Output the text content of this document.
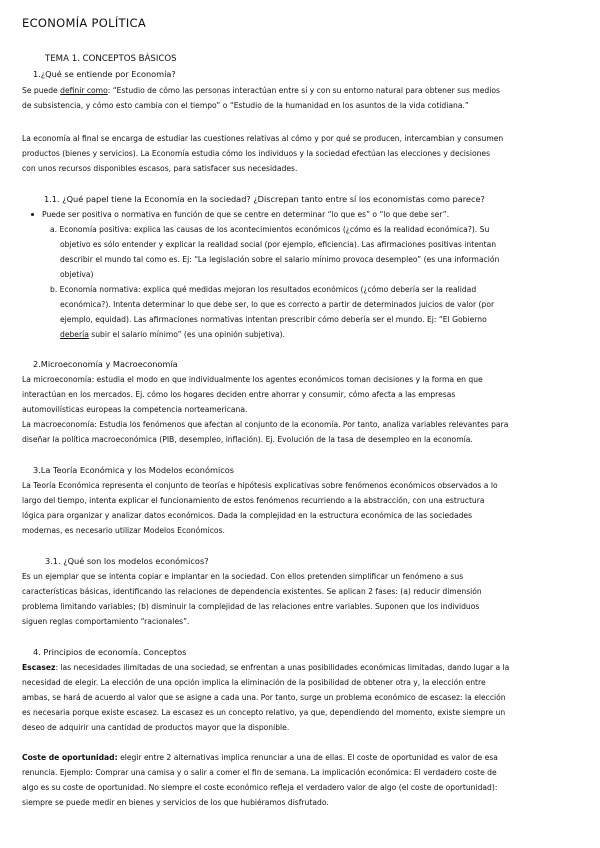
ECONOMÍA POLÍTICA
TEMA 1. CONCEPTOS BÁSICOS
1.¿Qué se entiende por Economía?
Se puede definir como: “Estudio de cómo las personas interactúan entre sí y con su entorno natural para obtener sus medios
de subsistencia, y cómo esto cambia con el tiempo” o “Estudio de la humanidad en los asuntos de la vida cotidiana.”
La economía al final se encarga de estudiar las cuestiones relativas al cómo y por qué se producen, intercambian y consumen
productos (bienes y servicios). La Economía estudia cómo los individuos y la sociedad efectúan las elecciones y decisiones
con unos recursos disponibles escasos, para satisfacer sus necesidades.
1.1. ¿Qué papel tiene la Economía en la sociedad? ¿Discrepan tanto entre sí los economistas como parece?
Puede ser positiva o normativa en función de que se centre en determinar “lo que es” o “lo que debe ser”.
a. Economía positiva: explica las causas de los acontecimientos económicos (¿cómo es la realidad económica?). Su
objetivo es sólo entender y explicar la realidad social (por ejemplo, eficiencia). Las afirmaciones positivas intentan
describir el mundo tal como es. Ej: “La legislación sobre el salario mínimo provoca desempleo” (es una información
objetiva)
b. Economía normativa: explica qué medidas mejoran los resultados económicos (¿cómo debería ser la realidad
económica?). Intenta determinar lo que debe ser, lo que es correcto a partir de determinados juicios de valor (por
ejemplo, equidad). Las afirmaciones normativas intentan prescribir cómo debería ser el mundo. Ej: “El Gobierno
debería subir el salario mínimo” (es una opinión subjetiva).
2.Microeconomía y Macroeconomía
La microeconomía: estudia el modo en que individualmente los agentes económicos toman decisiones y la forma en que
interactúan en los mercados. Ej. cómo los hogares deciden entre ahorrar y consumir, cómo afecta a las empresas
automovilísticas europeas la competencia norteamericana.
La macroeconomía: Estudia los fenómenos que afectan al conjunto de la economía. Por tanto, analiza variables relevantes para
diseñar la política macroeconómica (PIB, desempleo, inflación). Ej. Evolución de la tasa de desempleo en la economía.
3.La Teoría Económica y los Modelos económicos
La Teoría Económica representa el conjunto de teorías e hipótesis explicativas sobre fenómenos económicos observados a lo
largo del tiempo, intenta explicar el funcionamiento de estos fenómenos recurriendo a la abstracción, con una estructura
lógica para organizar y analizar datos económicos. Dada la complejidad en la estructura económica de las sociedades
modernas, es necesario utilizar Modelos Económicos.
3.1. ¿Qué son los modelos económicos?
Es un ejemplar que se intenta copiar e implantar en la sociedad. Con ellos pretenden simplificar un fenómeno a sus
características básicas, identificando las relaciones de dependencia existentes. Se aplican 2 fases: (a) reducir dimensión
problema limitando variables; (b) disminuir la complejidad de las relaciones entre variables. Suponen que los individuos
siguen reglas comportamiento “racionales”.
4. Principios de economía. Conceptos
Escasez: las necesidades ilimitadas de una sociedad, se enfrentan a unas posibilidades económicas limitadas, dando lugar a la
necesidad de elegir. La elección de una opción implica la eliminación de la posibilidad de obtener otra y, la elección entre
ambas, se hará de acuerdo al valor que se asigne a cada una. Por tanto, surge un problema económico de escasez: la elección
es necesaria porque existe escasez. La escasez es un concepto relativo, ya que, dependiendo del momento, existe siempre un
deseo de adquirir una cantidad de productos mayor que la disponible.
Coste de oportunidad: elegir entre 2 alternativas implica renunciar a una de ellas. El coste de oportunidad es valor de esa
renuncia. Ejemplo: Comprar una camisa y o salir a comer el fin de semana. La implicación económica: El verdadero coste de
algo es su coste de oportunidad. No siempre el coste económico refleja el verdadero valor de algo (el coste de oportunidad):
siempre se puede medir en bienes y servicios de los que hubiéramos disfrutado.
